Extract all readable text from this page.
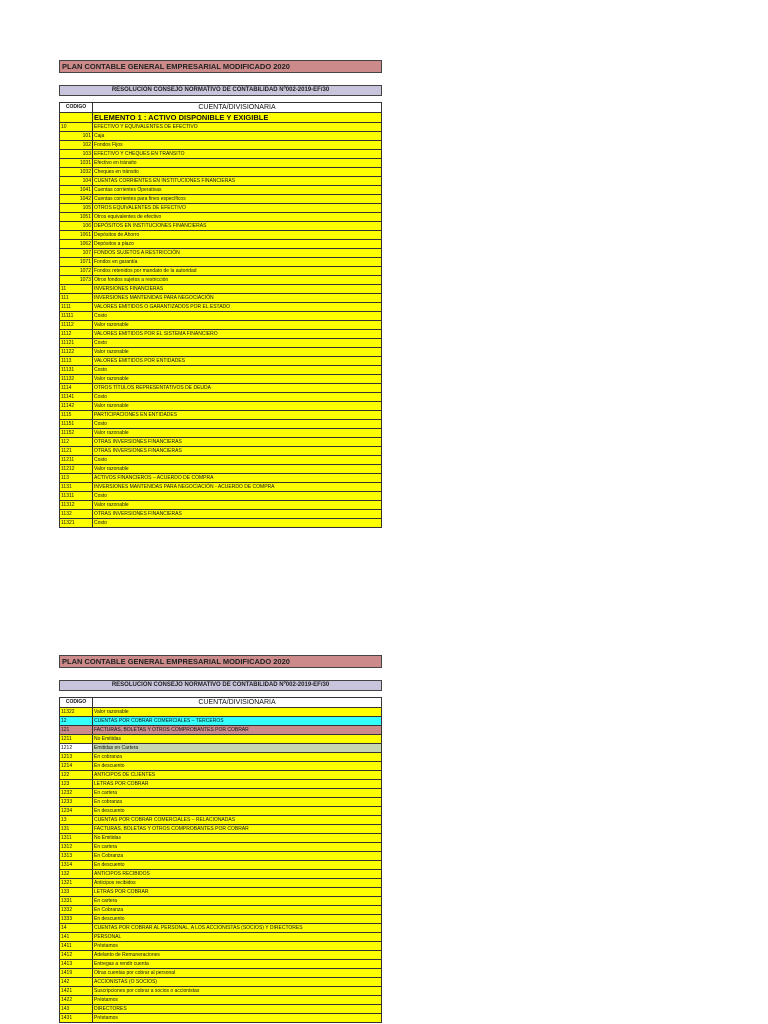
PLAN CONTABLE GENERAL EMPRESARIAL MODIFICADO 2020
RESOLUCION CONSEJO NORMATIVO DE CONTABILIDAD Nº002-2019-EF/30
CODIGO	CUENTA/DIVISIONARIA
	ELEMENTO 1 : ACTIVO DISPONIBLE Y EXIGIBLE
10	EFECTIVO Y EQUIVALENTES DE EFECTIVO
101	Caja
102	Fondos Fijos
103	EFECTIVO Y CHEQUES EN TRANSITO
1031	Efectivo en tránsito
1032	Cheques en tránsito
104	CUENTAS CORRIENTES EN INSTITUCIONES FINANCIERAS
1041	Cuentas corrientes Operativas
1042	Cuentas corrientes para fines específicos
105	OTROS EQUIVALENTES DE EFECTIVO
1051	Otros equivalentes de efectivo
106	DEPÓSITOS EN INSTITUCIONES FINANCIERAS
1061	Depósitos de Ahorro
1062	Depósitos a plazo
107	FONDOS SUJETOS A RESTRICCIÓN
1071	Fondos en garantía
1072	Fondos retenidos por mandato de la autoridad
1073	Otros fondos sujetos a restricción
11	INVERSIONES FINANCIERAS
111	INVERSIONES MANTENIDAS PARA NEGOCIACIÓN
1111	VALORES EMITIDOS O GARANTIZADOS POR EL ESTADO
11111	Costo
11112	Valor razonable
1112	VALORES EMITIDOS POR EL SISTEMA FINANCIERO
11121	Costo
11122	Valor razonable
1113	VALORES EMITIDOS POR ENTIDADES
11131	Costo
11132	Valor razonable
1114	OTROS TÍTULOS REPRESENTATIVOS DE DEUDA
11141	Costo
11142	Valor razonable
1115	PARTICIPACIONES EN ENTIDADES
11151	Costo
11152	Valor razonable
112	OTRAS INVERSIONES FINANCIERAS
1121	OTRAS INVERSIONES FINANCIERAS
11211	Costo
11212	Valor razonable
113	ACTIVOS FINANCIEROS – ACUERDO DE COMPRA
1131	INVERSIONES MANTENIDAS PARA NEGOCIACIÓN - ACUERDO DE COMPRA
11311	Costo
11312	Valor razonable
1132	OTRAS INVERSIONES FINANCIERAS
11321	Costo
PLAN CONTABLE GENERAL EMPRESARIAL MODIFICADO 2020
RESOLUCION CONSEJO NORMATIVO DE CONTABILIDAD Nº002-2019-EF/30
CODIGO	CUENTA/DIVISIONARIA
11322	Valor razonable
12	CUENTAS POR COBRAR COMERCIALES – TERCEROS
121	FACTURAS, BOLETAS Y OTROS COMPROBANTES POR COBRAR
1211	No Emitidas
1212	Emitidas en Cartera
1213	En cobranza
1214	En descuento
122	ANTICIPOS DE CLIENTES
123	LETRAS POR COBRAR
1232	En cartera
1233	En cobranza
1234	En descuento
13	CUENTAS POR COBRAR COMERCIALES – RELACIONADAS
131	FACTURAS, BOLETAS Y OTROS COMPROBANTES POR COBRAR
1311	No Emitidas
1312	En cartera
1313	En Cobranza
1314	En descuento
132	ANTICIPOS RECIBIDOS
1321	Anticipos recibidos
133	LETRAS POR COBRAR
1331	En cartera
1332	En Cobranza
1333	En descuento
14	CUENTAS POR COBRAR AL PERSONAL, A LOS ACCIONISTAS (SOCIOS) Y DIRECTORES
141	PERSONAL
1411	Préstamos
1412	Adelanto de Remuneraciones
1413	Entregas a rendir cuenta
1419	Otras cuentas por cobrar al personal
142	ACCIONISTAS (O SOCIOS)
1421	Suscripciones por cobrar a socios o accionistas
1422	Préstamos
143	DIRECTORES
1431	Préstamos
